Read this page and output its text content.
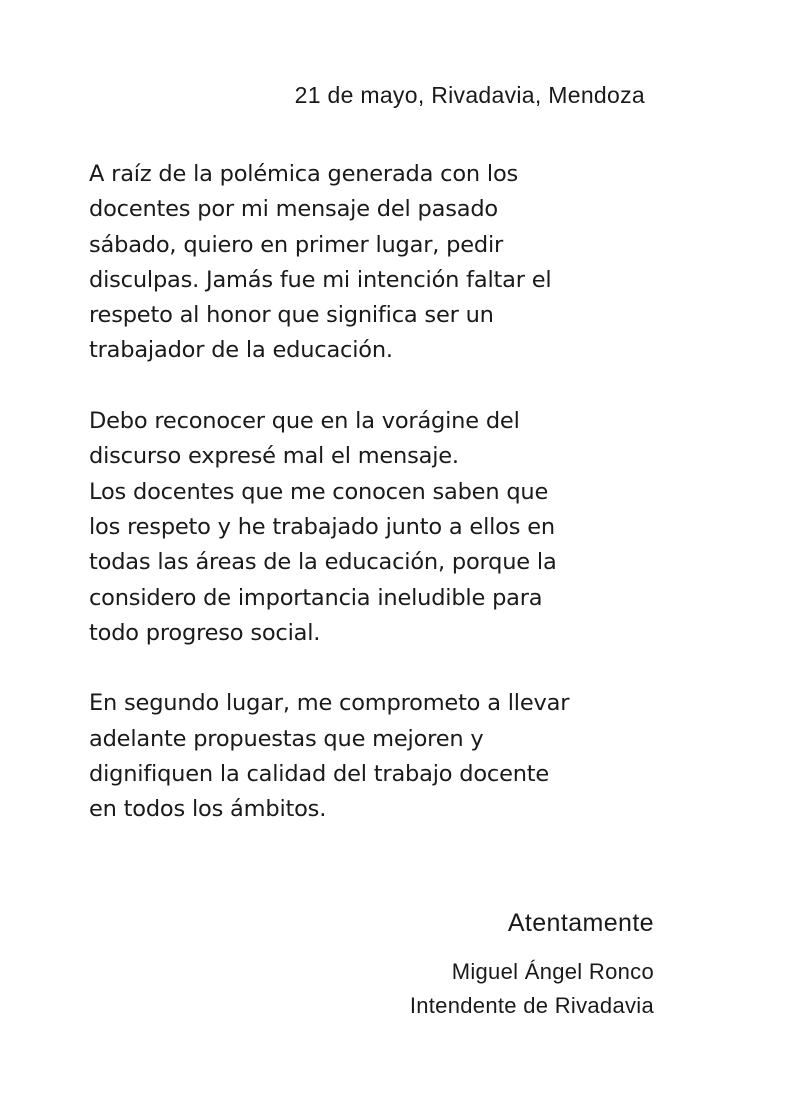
21 de mayo, Rivadavia, Mendoza

A raíz de la polémica generada con los
docentes por mi mensaje del pasado
sábado, quiero en primer lugar, pedir
disculpas. Jamás fue mi intención faltar el
respeto al honor que significa ser un
trabajador de la educación.

Debo reconocer que en la vorágine del
discurso expresé mal el mensaje.
Los docentes que me conocen saben que
los respeto y he trabajado junto a ellos en
todas las áreas de la educación, porque la
considero de importancia ineludible para
todo progreso social.

En segundo lugar, me comprometo a llevar
adelante propuestas que mejoren y
dignifiquen la calidad del trabajo docente
en todos los ámbitos.

Atentamente
Miguel Ángel Ronco
Intendente de Rivadavia
